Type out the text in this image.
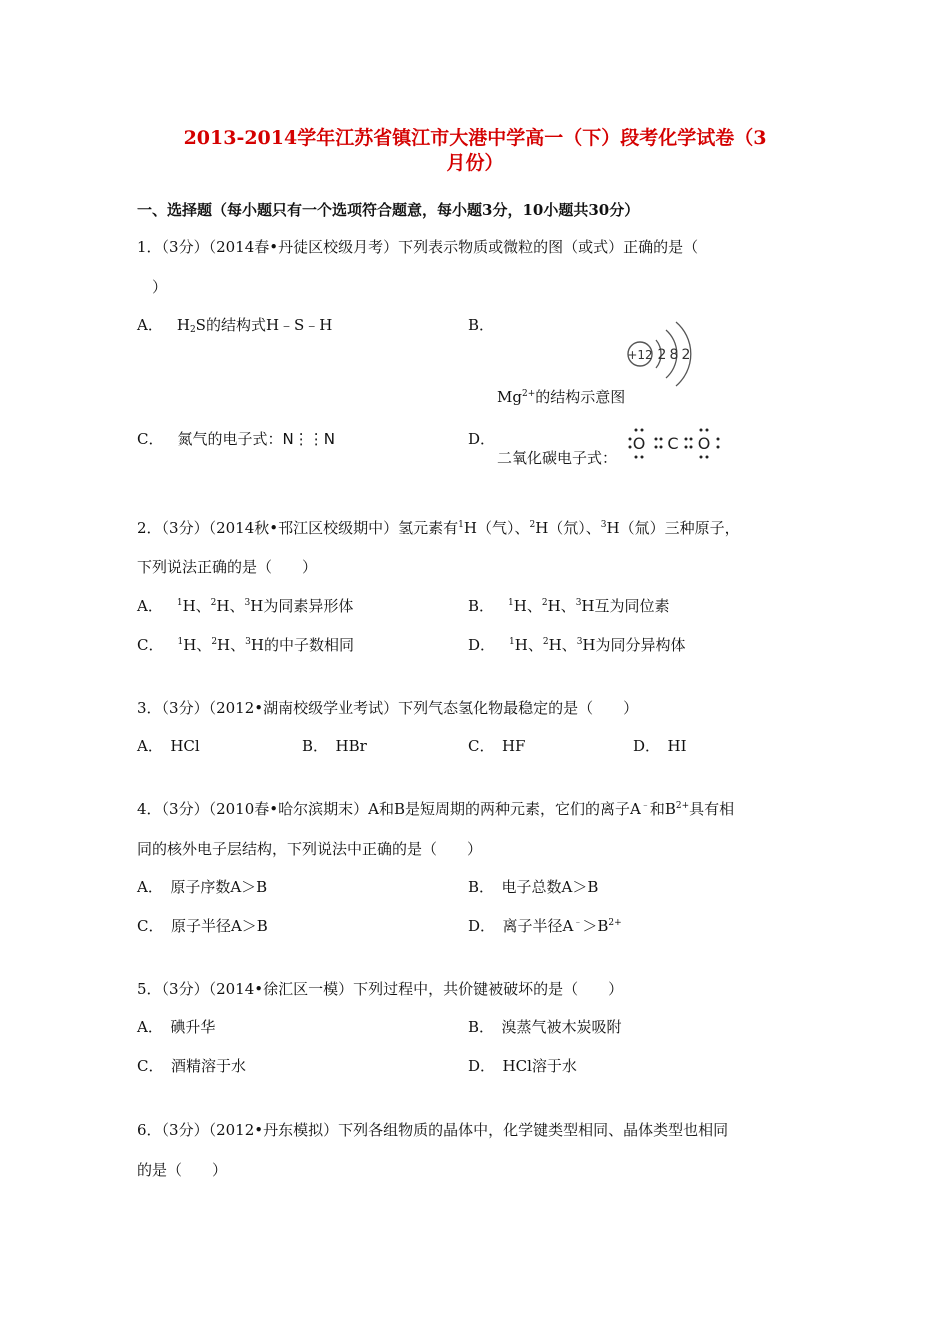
2013-2014学年江苏省镇江市大港中学高一（下）段考化学试卷（3
月份）
一、选择题（每小题只有一个选项符合题意，每小题3分，10小题共30分）
1．（3分）（2014春•丹徒区校级月考）下列表示物质或微粒的图（或式）正确的是（
）
A． $H_2S$的结构式H﹣S﹣H	B．
+12 2 8 2
$Mg^{2+}$的结构示意图
C． 氮气的电子式：N⋮⋮N	D．	O C O
二氧化碳电子式：
2．（3分）（2014秋•邗江区校级期中）氢元素有$^1$H（气）、$^2$H（氘）、$^3$H（氚）三种原子，
下列说法正确的是（　　）
A． $^1$H、$^2$H、$^3$H为同素异形体	B． $^1$H、$^2$H、$^3$H互为同位素
C． $^1$H、$^2$H、$^3$H的中子数相同	D． $^1$H、$^2$H、$^3$H为同分异构体
3．（3分）（2012•湖南校级学业考试）下列气态氢化物最稳定的是（　　）
A．　HCl	B．　HBr	C．　HF	D．　HI
4．（3分）（2010春•哈尔滨期末）A和B是短周期的两种元素，它们的离子A﹣和$B^{2+}$具有相
同的核外电子层结构，下列说法中正确的是（　　）
A．　原子序数A＞B	B．　电子总数A＞B
C．　原子半径A＞B	D．　离子半径$A^﹣>B^{2+}$
5．（3分）（2014•徐汇区一模）下列过程中，共价键被破坏的是（　　）
A．　碘升华	B．　溴蒸气被木炭吸附
C．　酒精溶于水	D．　HCl溶于水
6．（3分）（2012•丹东模拟）下列各组物质的晶体中，化学键类型相同、晶体类型也相同
的是（　　）
